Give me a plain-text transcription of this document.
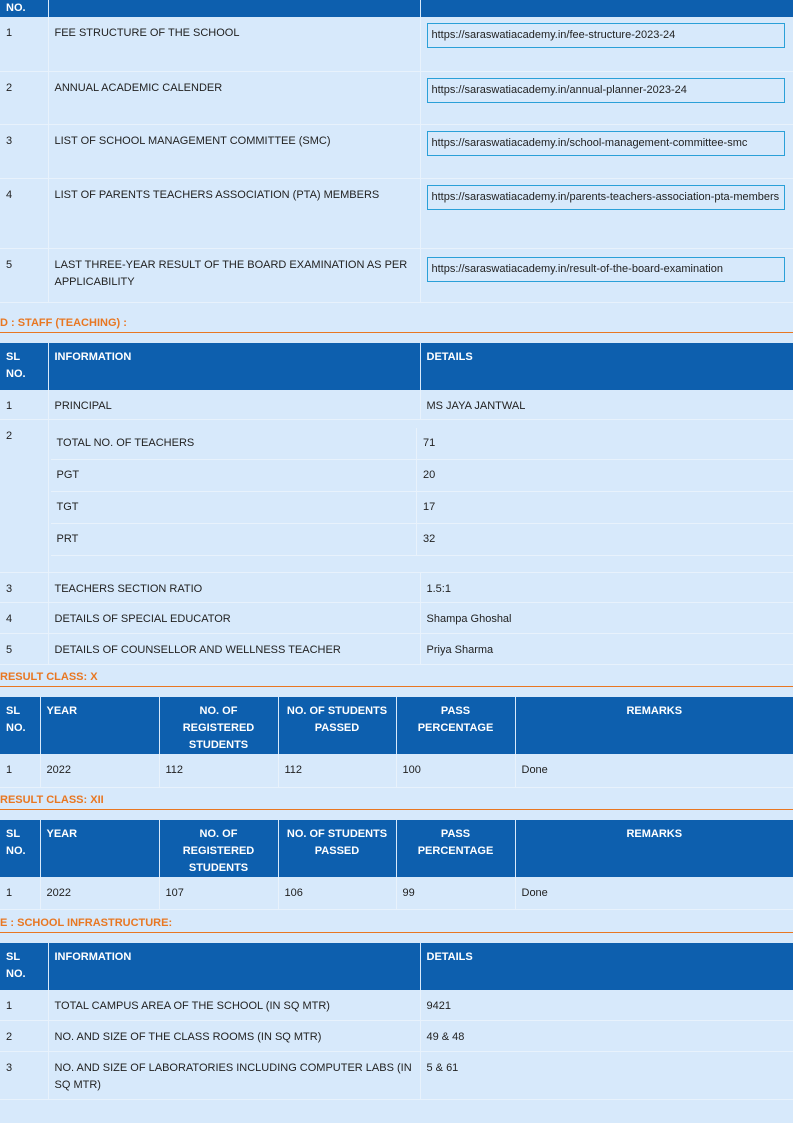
NO.		
1	FEE STRUCTURE OF THE SCHOOL	https://saraswatiacademy.in/fee-structure-2023-24

2	ANNUAL ACADEMIC CALENDER	https://saraswatiacademy.in/annual-planner-2023-24

3	LIST OF SCHOOL MANAGEMENT COMMITTEE (SMC)	https://saraswatiacademy.in/school-management-committee-smc

4	LIST OF PARENTS TEACHERS ASSOCIATION (PTA) MEMBERS	https://saraswatiacademy.in/parents-teachers-association-pta-members

5	LAST THREE-YEAR RESULT OF THE BOARD EXAMINATION AS PER APPLICABILITY	https://saraswatiacademy.in/result-of-the-board-examination
D : STAFF (TEACHING) :
SL NO.	INFORMATION	DETAILS
1	PRINCIPAL	MS JAYA JANTWAL
2	
TOTAL NO. OF TEACHERS	71
PGT	20
TGT	17
PRT	32

3	TEACHERS SECTION RATIO	1.5:1
4	DETAILS OF SPECIAL EDUCATOR	Shampa Ghoshal
5	DETAILS OF COUNSELLOR AND WELLNESS TEACHER	Priya Sharma
RESULT CLASS: X
SL NO.	YEAR	NO. OF REGISTERED STUDENTS	NO. OF STUDENTS PASSED	PASS PERCENTAGE	REMARKS
1	2022	112	112	100	Done
RESULT CLASS: XII
SL NO.	YEAR	NO. OF REGISTERED STUDENTS	NO. OF STUDENTS PASSED	PASS PERCENTAGE	REMARKS
1	2022	107	106	99	Done
E : SCHOOL INFRASTRUCTURE:
SL NO.	INFORMATION	DETAILS
1	TOTAL CAMPUS AREA OF THE SCHOOL (IN SQ MTR)	9421
2	NO. AND SIZE OF THE CLASS ROOMS (IN SQ MTR)	49 & 48
3	NO. AND SIZE OF LABORATORIES INCLUDING COMPUTER LABS (IN SQ MTR)	5 & 61
